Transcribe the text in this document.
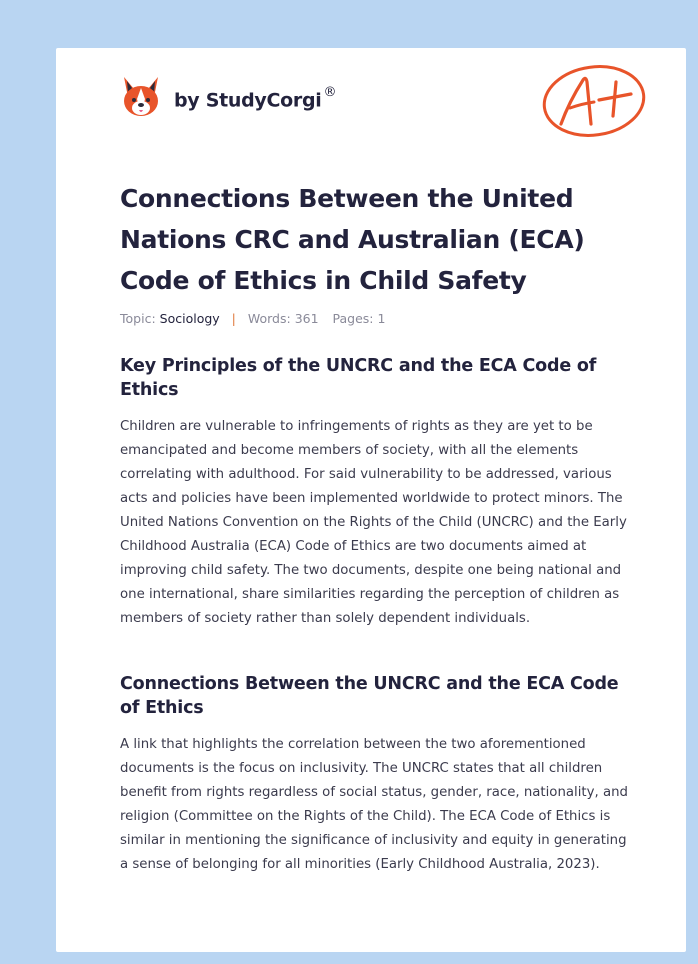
by StudyCorgi ®
Connections Between the United Nations CRC and Australian (ECA) Code of Ethics in Child Safety
Topic: Sociology | Words: 361 Pages: 1
Key Principles of the UNCRC and the ECA Code of Ethics

Children are vulnerable to infringements of rights as they are yet to be emancipated and become members of society, with all the elements correlating with adulthood. For said vulnerability to be addressed, various acts and policies have been implemented worldwide to protect minors. The United Nations Convention on the Rights of the Child (UNCRC) and the Early Childhood Australia (ECA) Code of Ethics are two documents aimed at improving child safety. The two documents, despite one being national and one international, share similarities regarding the perception of children as members of society rather than solely dependent individuals.

Connections Between the UNCRC and the ECA Code of Ethics

A link that highlights the correlation between the two aforementioned documents is the focus on inclusivity. The UNCRC states that all children benefit from rights regardless of social status, gender, race, nationality, and religion (Committee on the Rights of the Child). The ECA Code of Ethics is similar in mentioning the significance of inclusivity and equity in generating a sense of belonging for all minorities (Early Childhood Australia, 2023).
